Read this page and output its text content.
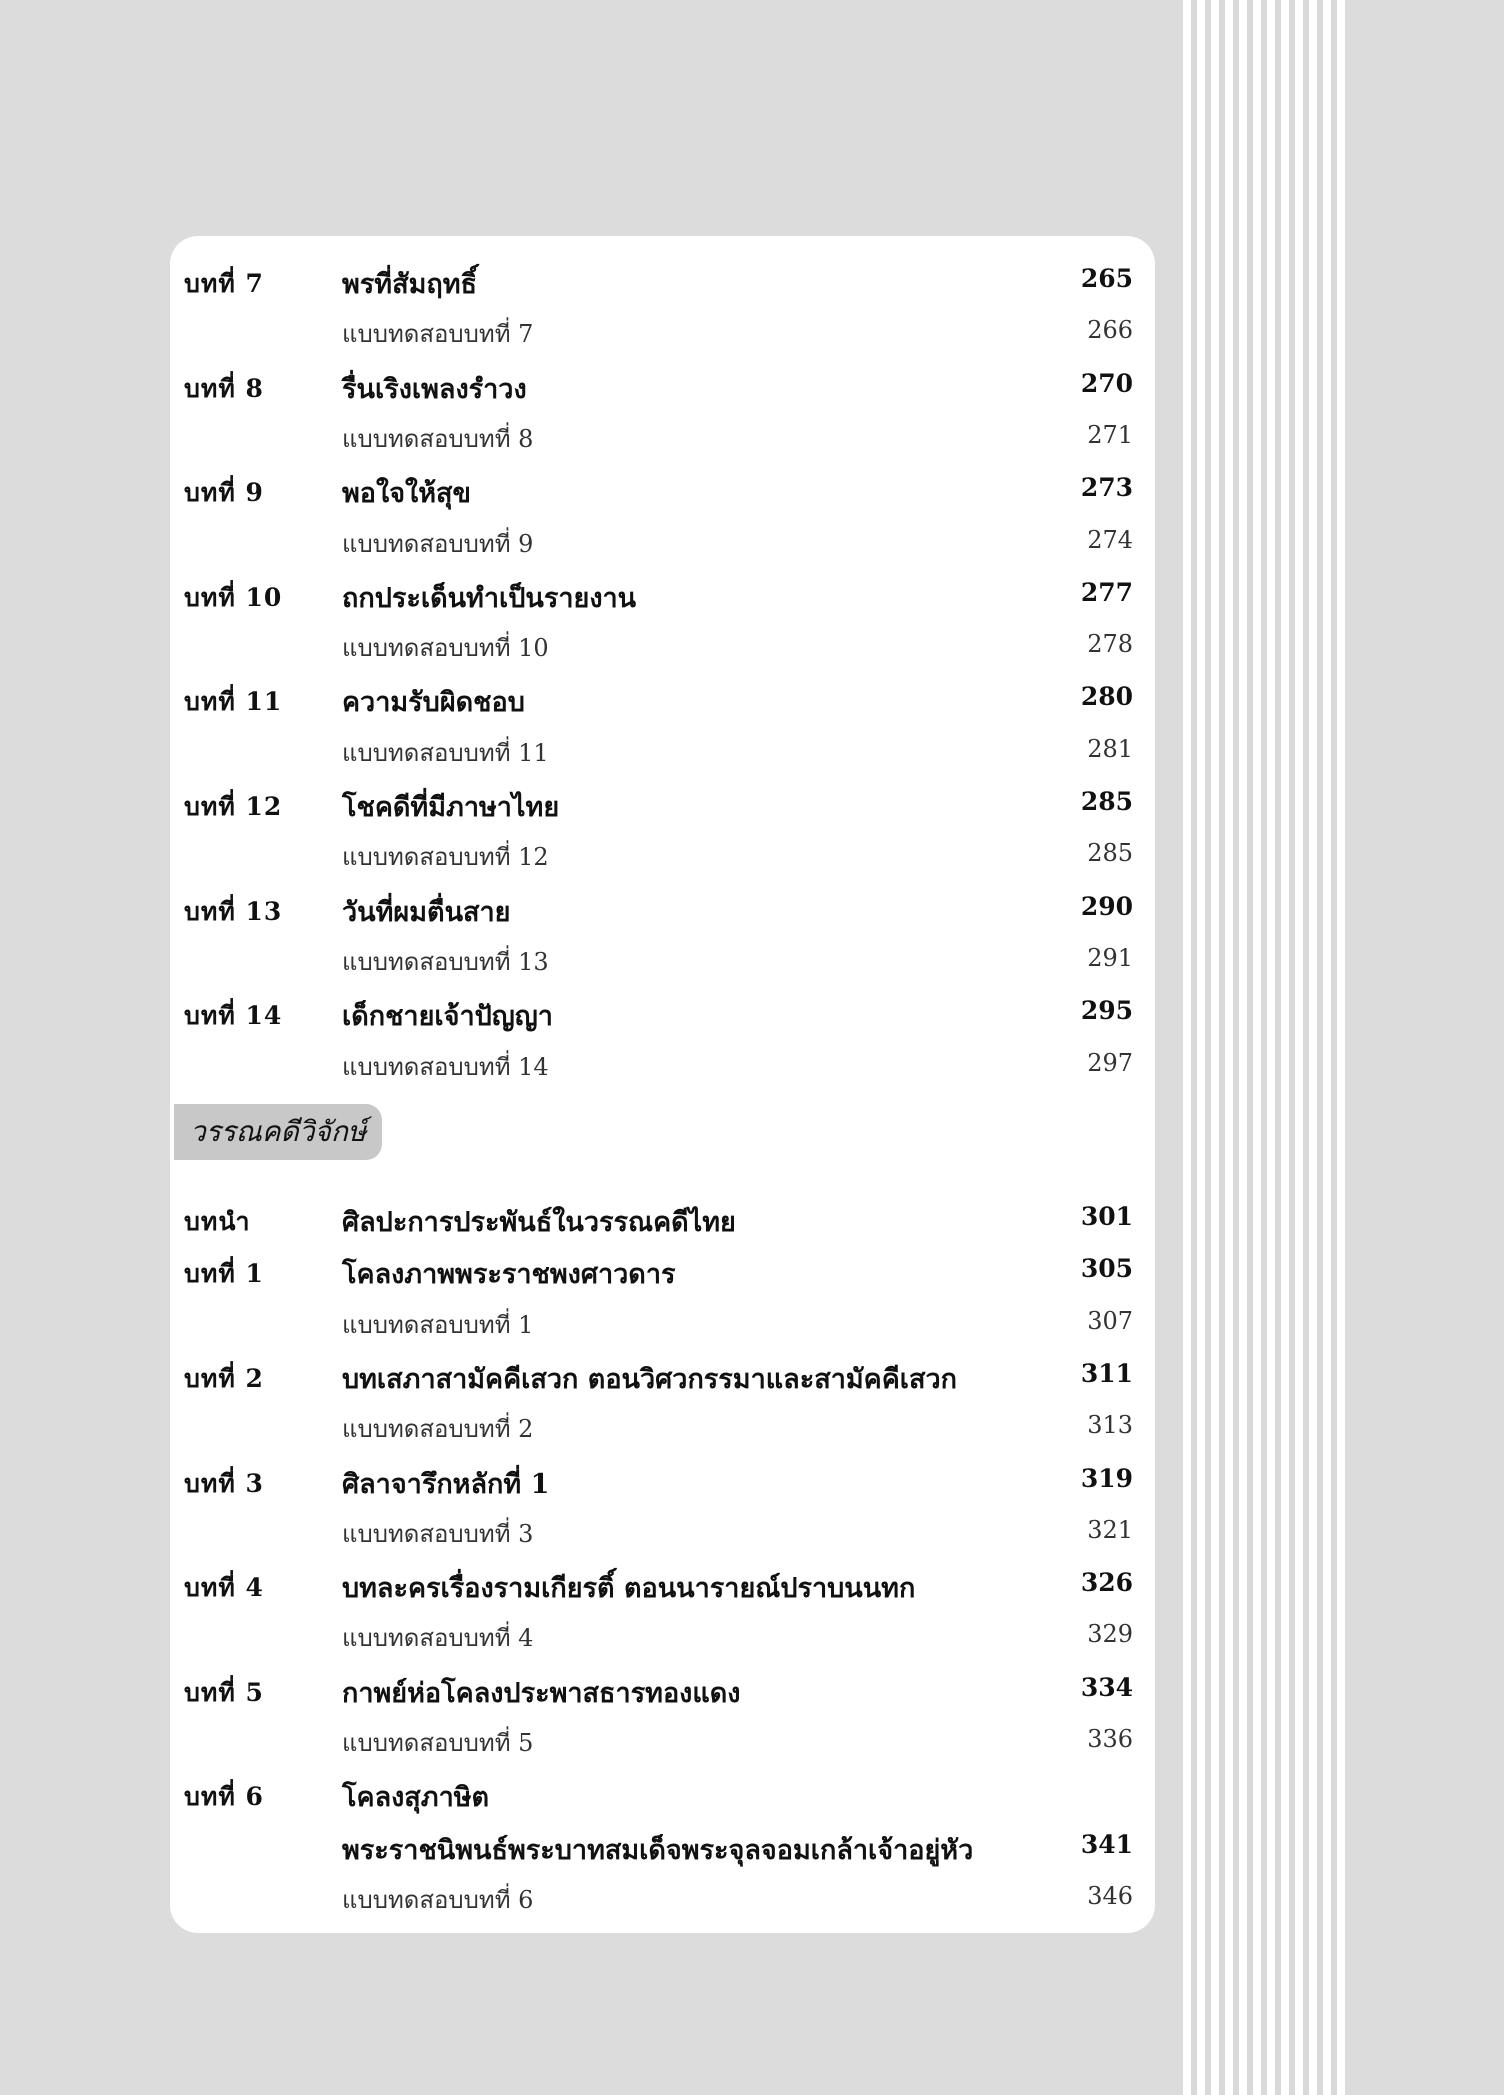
วรรณคดีวิจักษ์
บทที่ 7	พรที่สัมฤทธิ์	265
แบบทดสอบบทที่ 7	266
บทที่ 8	รื่นเริงเพลงรำวง	270
แบบทดสอบบทที่ 8	271
บทที่ 9	พอใจให้สุข	273
แบบทดสอบบทที่ 9	274
บทที่ 10 ถกประเด็นทำเป็นรายงาน	277
แบบทดสอบบทที่ 10	278
บทที่ 11 ความรับผิดชอบ	280
แบบทดสอบบทที่ 11	281
บทที่ 12 โชคดีที่มีภาษาไทย	285
แบบทดสอบบทที่ 12	285
บทที่ 13 วันที่ผมตื่นสาย	290
แบบทดสอบบทที่ 13	291
บทที่ 14 เด็กชายเจ้าปัญญา	295
แบบทดสอบบทที่ 14	297
บทนำ	ศิลปะการประพันธ์ในวรรณคดีไทย	301
บทที่ 1	โคลงภาพพระราชพงศาวดาร	305
แบบทดสอบบทที่ 1	307
บทที่ 2	บทเสภาสามัคคีเสวก ตอนวิศวกรรมาและสามัคคีเสวก	311
แบบทดสอบบทที่ 2	313
บทที่ 3	ศิลาจารึกหลักที่ 1	319
แบบทดสอบบทที่ 3	321
บทที่ 4	บทละครเรื่องรามเกียรติ์ ตอนนารายณ์ปราบนนทก	326
แบบทดสอบบทที่ 4	329
บทที่ 5	กาพย์ห่อโคลงประพาสธารทองแดง	334
แบบทดสอบบทที่ 5	336
บทที่ 6	โคลงสุภาษิต
พระราชนิพนธ์พระบาทสมเด็จพระจุลจอมเกล้าเจ้าอยู่หัว	341
แบบทดสอบบทที่ 6	346
